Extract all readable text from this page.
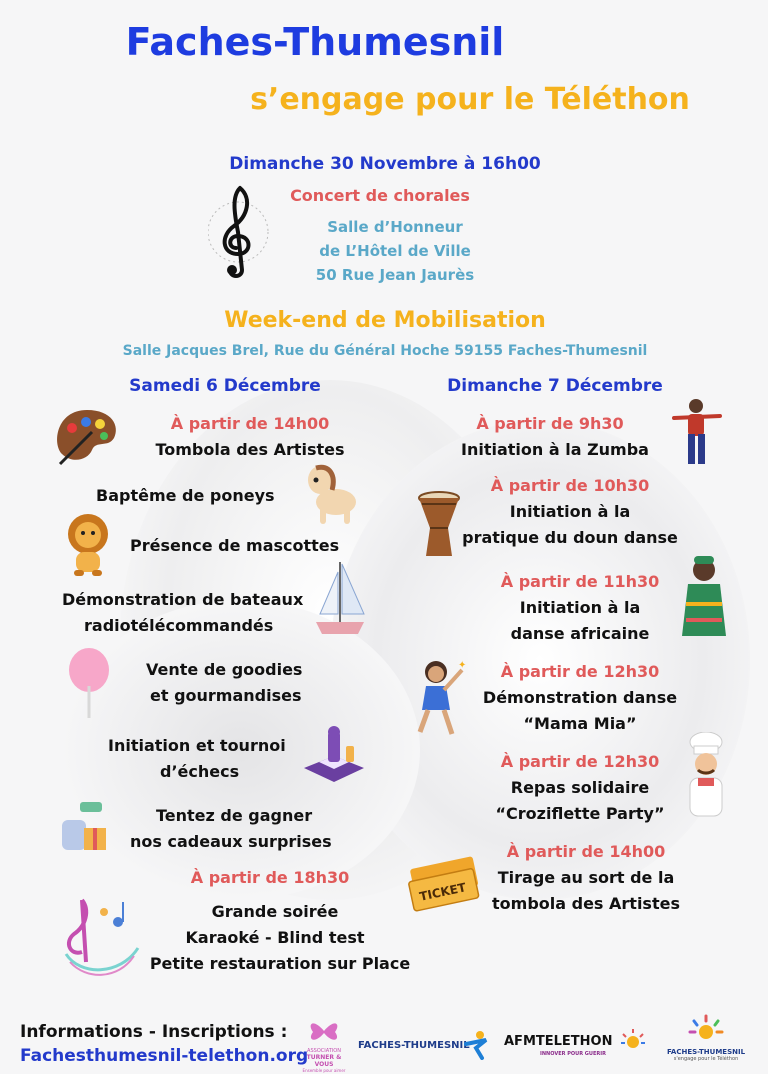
Faches-Thumesnil
s’engage pour le Téléthon
Dimanche 30 Novembre à 16h00
Concert de chorales
Salle d’Honneur
de L’Hôtel de Ville
50 Rue Jean Jaurès
Week-end de Mobilisation
Salle Jacques Brel, Rue du Général Hoche 59155 Faches-Thumesnil
Samedi 6 Décembre
À partir de 14h00
Tombola des Artistes
Baptême de poneys
Présence de mascottes
Démonstration de bateaux
radiotélécommandés
Vente de goodies
et gourmandises
Initiation et tournoi
d’échecs
Tentez de gagner
nos cadeaux surprises
À partir de 18h30
Grande soirée
Karaoké - Blind test
Petite restauration sur Place
Dimanche 7 Décembre
À partir de 9h30
Initiation à la Zumba
À partir de 10h30
Initiation à la
pratique du doun danse
À partir de 11h30
Initiation à la
danse africaine
À partir de 12h30
Démonstration danse
“Mama Mia”
✦
À partir de 12h30
Repas solidaire
“Croziflette Party”
À partir de 14h00
Tirage au sort de la
tombola des Artistes
TICKET
Informations - Inscriptions :
Fachesthumesnil-telethon.org
ASSOCIATION
TURNER & VOUS
Ensemble pour aimer
FACHES-THUMESNIL	AFMTELETHON
INNOVER POUR GUERIR	FACHES-THUMESNIL
s'engage pour le Téléthon
